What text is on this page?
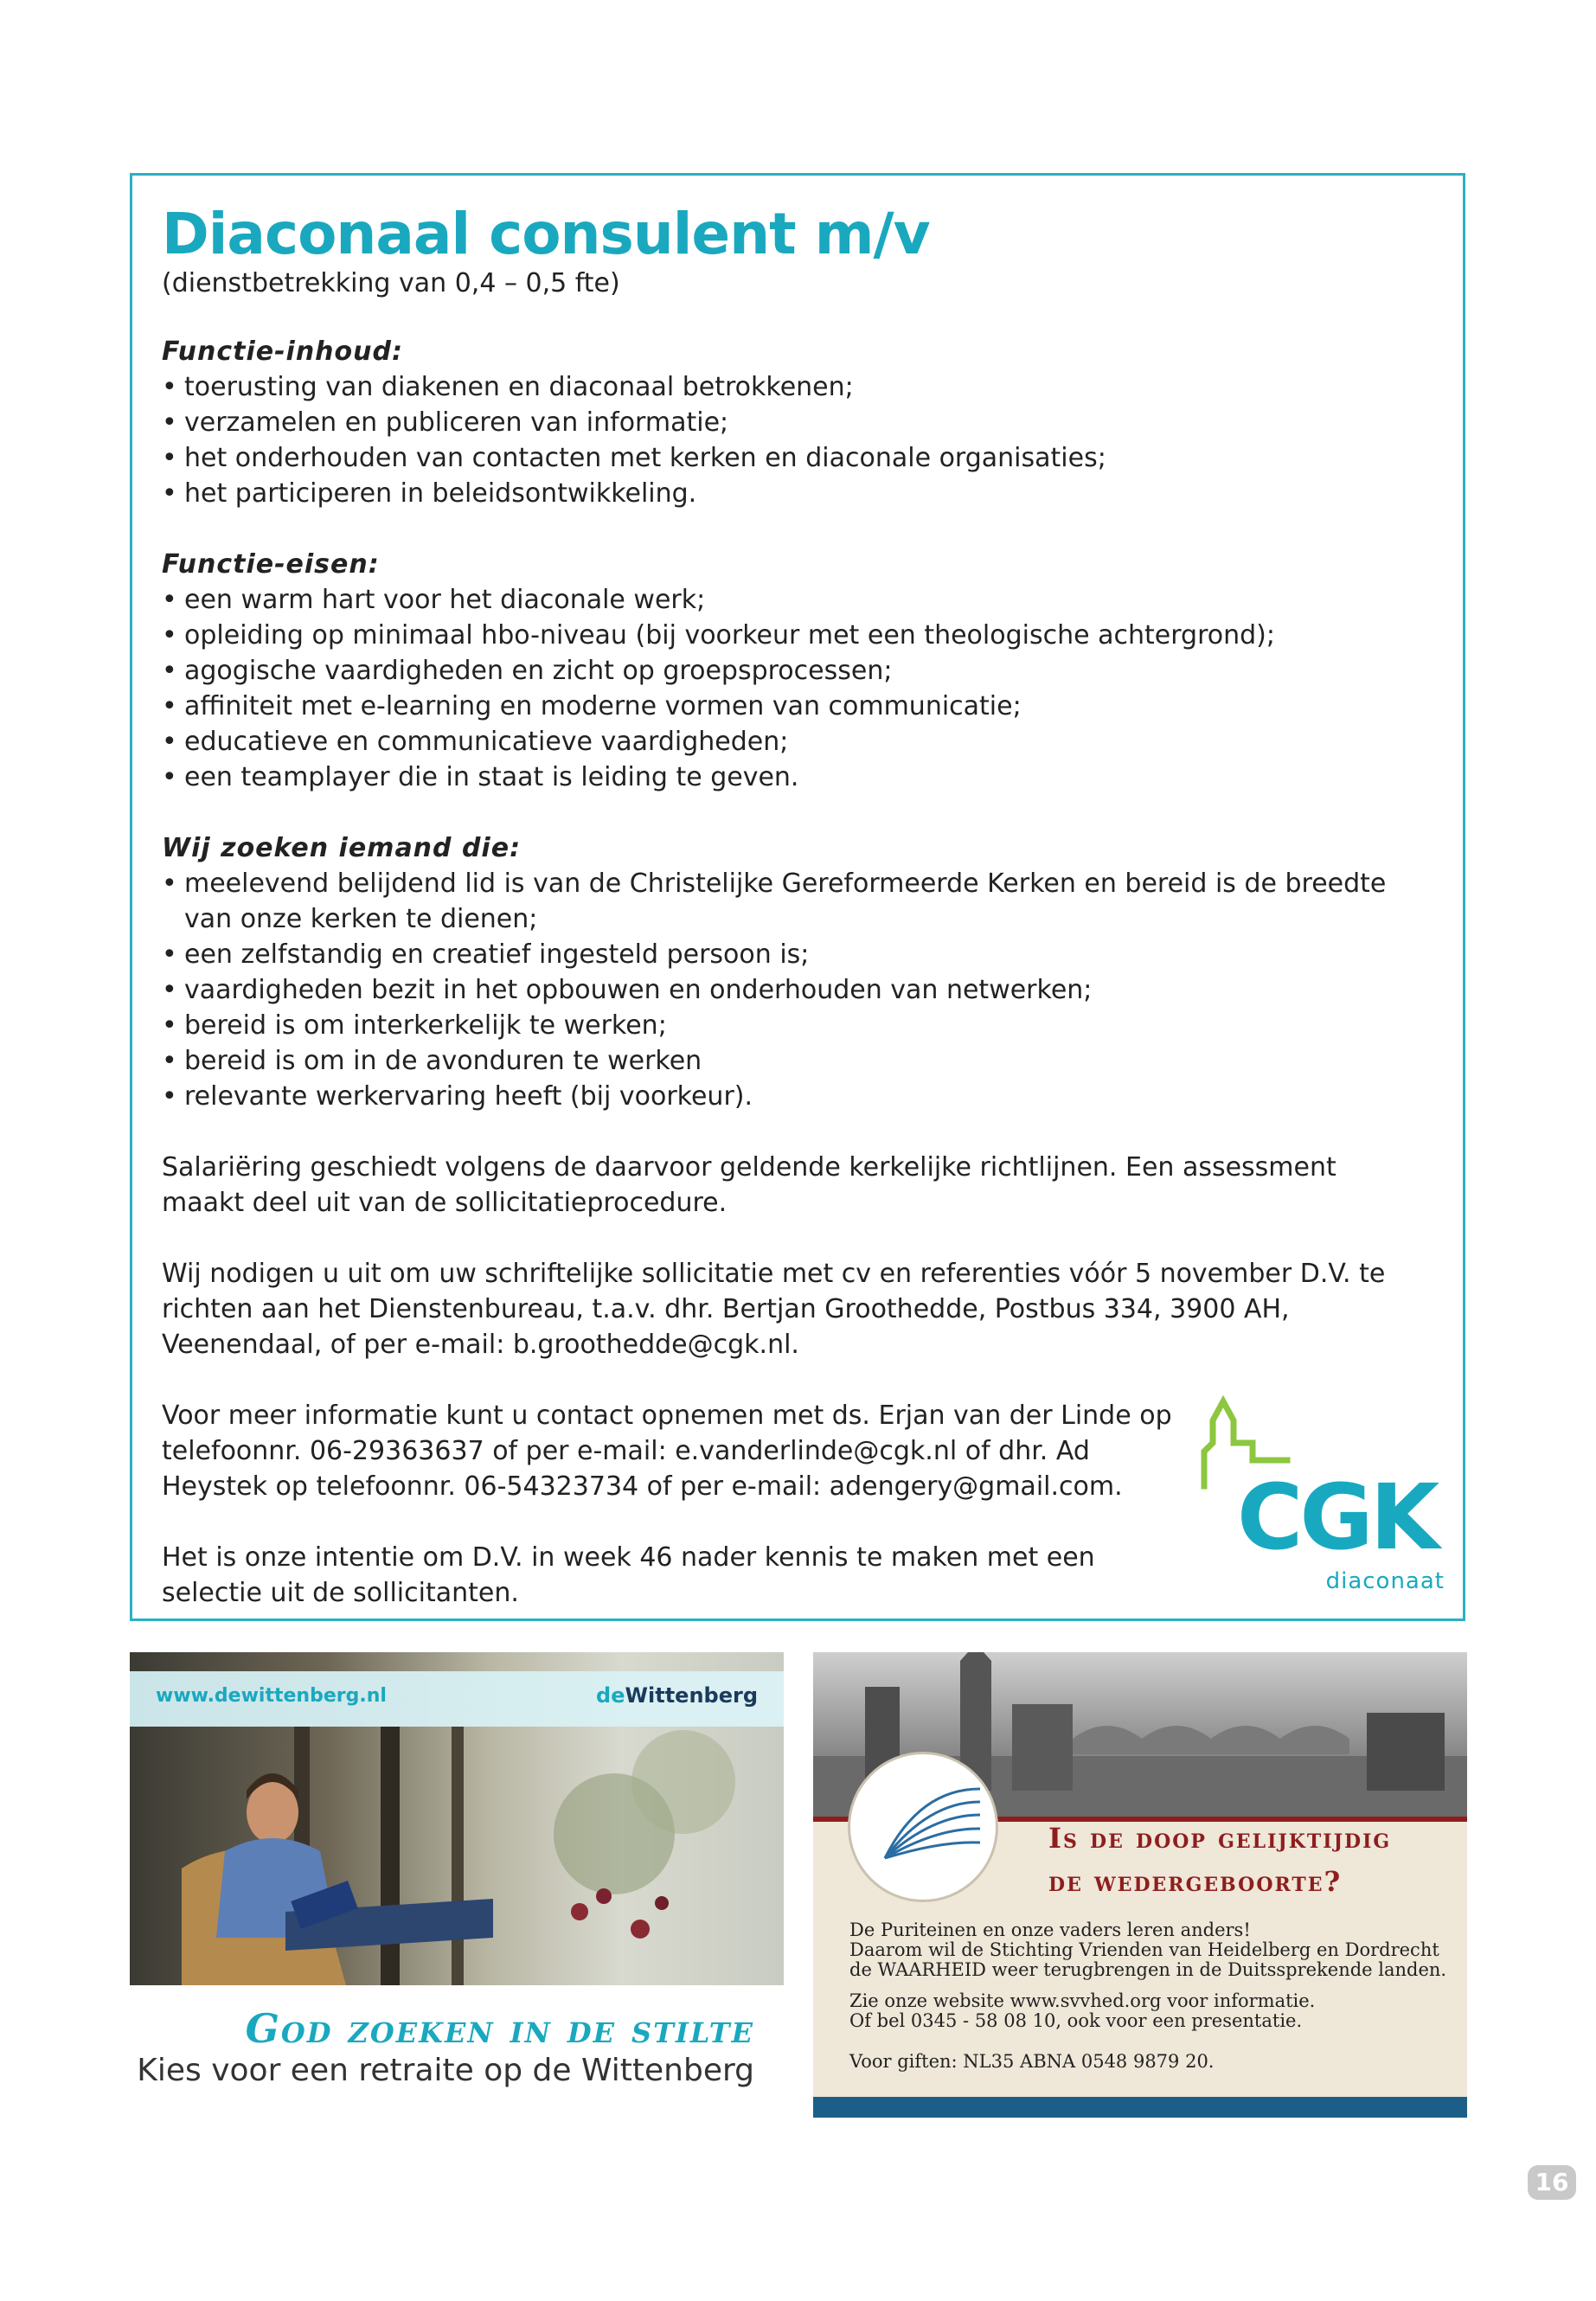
Diaconaal consulent m/v

(dienstbetrekking van 0,4 – 0,5 fte)

Functie-inhoud:

• toerusting van diakenen en diaconaal betrokkenen;
• verzamelen en publiceren van informatie;
• het onderhouden van contacten met kerken en diaconale organisaties;
• het participeren in beleidsontwikkeling.

Functie-eisen:

• een warm hart voor het diaconale werk;
• opleiding op minimaal hbo-niveau (bij voorkeur met een theologische achtergrond);
• agogische vaardigheden en zicht op groepsprocessen;
• affiniteit met e-learning en moderne vormen van communicatie;
• educatieve en communicatieve vaardigheden;
• een teamplayer die in staat is leiding te geven.

Wij zoeken iemand die:

• meelevend belijdend lid is van de Christelijke Gereformeerde Kerken en bereid is de breedte van onze kerken te dienen;
• een zelfstandig en creatief ingesteld persoon is;
• vaardigheden bezit in het opbouwen en onderhouden van netwerken;
• bereid is om interkerkelijk te werken;
• bereid is om in de avonduren te werken
• relevante werkervaring heeft (bij voorkeur).

Salariëring geschiedt volgens de daarvoor geldende kerkelijke richtlijnen. Een assessment maakt deel uit van de sollicitatieprocedure.

Wij nodigen u uit om uw schriftelijke sollicitatie met cv en referenties vóór 5 november D.V. te richten aan het Dienstenbureau, t.a.v. dhr. Bertjan Groothedde, Postbus 334, 3900 AH, Veenendaal, of per e-mail: b.groothedde@cgk.nl.

Voor meer informatie kunt u contact opnemen met ds. Erjan van der Linde op telefoonnr. 06-29363637 of per e-mail: e.vanderlinde@cgk.nl of dhr. Ad Heystek op telefoonnr. 06-54323734 of per e-mail: adengery@gmail.com.

Het is onze intentie om D.V. in week 46 nader kennis te maken met een selectie uit de sollicitanten.

CGK
diaconaat
www.dewittenberg.nl	deWittenberg
God zoeken in de stilte
Kies voor een retraite op de Wittenberg
Is de doop gelijktijdig
de wedergeboorte?
De Puriteinen en onze vaders leren anders!
Daarom wil de Stichting Vrienden van Heidelberg en Dordrecht
de WAARHEID weer terugbrengen in de Duitssprekende landen.
Zie onze website www.svvhed.org voor informatie.
Of bel 0345 - 58 08 10, ook voor een presentatie.
Voor giften: NL35 ABNA 0548 9879 20.
16
